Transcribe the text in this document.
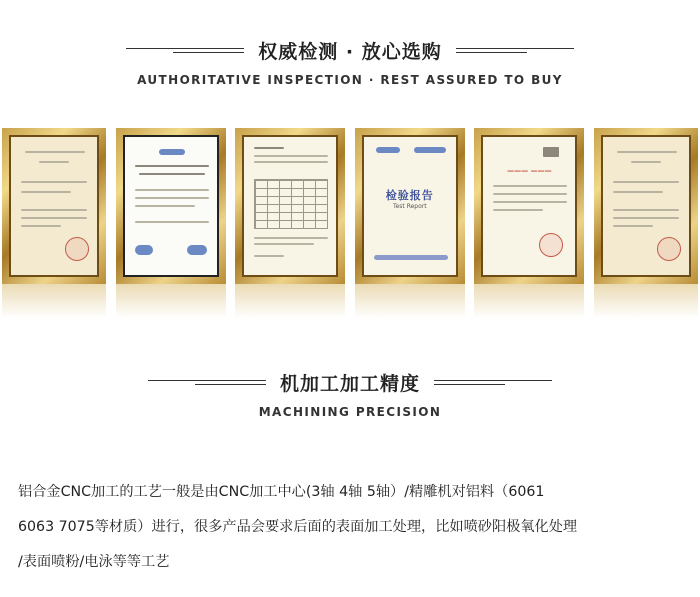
权威检测 · 放心选购
AUTHORITATIVE INSPECTION · REST ASSURED TO BUY
检验报告
Test Report
——— ———
机加工加工精度
MACHINING PRECISION
铝合金CNC加工的工艺一般是由CNC加工中心(3轴 4轴 5轴）/精雕机对铝料（6061
6063 7075等材质）进行，很多产品会要求后面的表面加工处理，比如喷砂阳极氧化处理
/表面喷粉/电泳等等工艺
